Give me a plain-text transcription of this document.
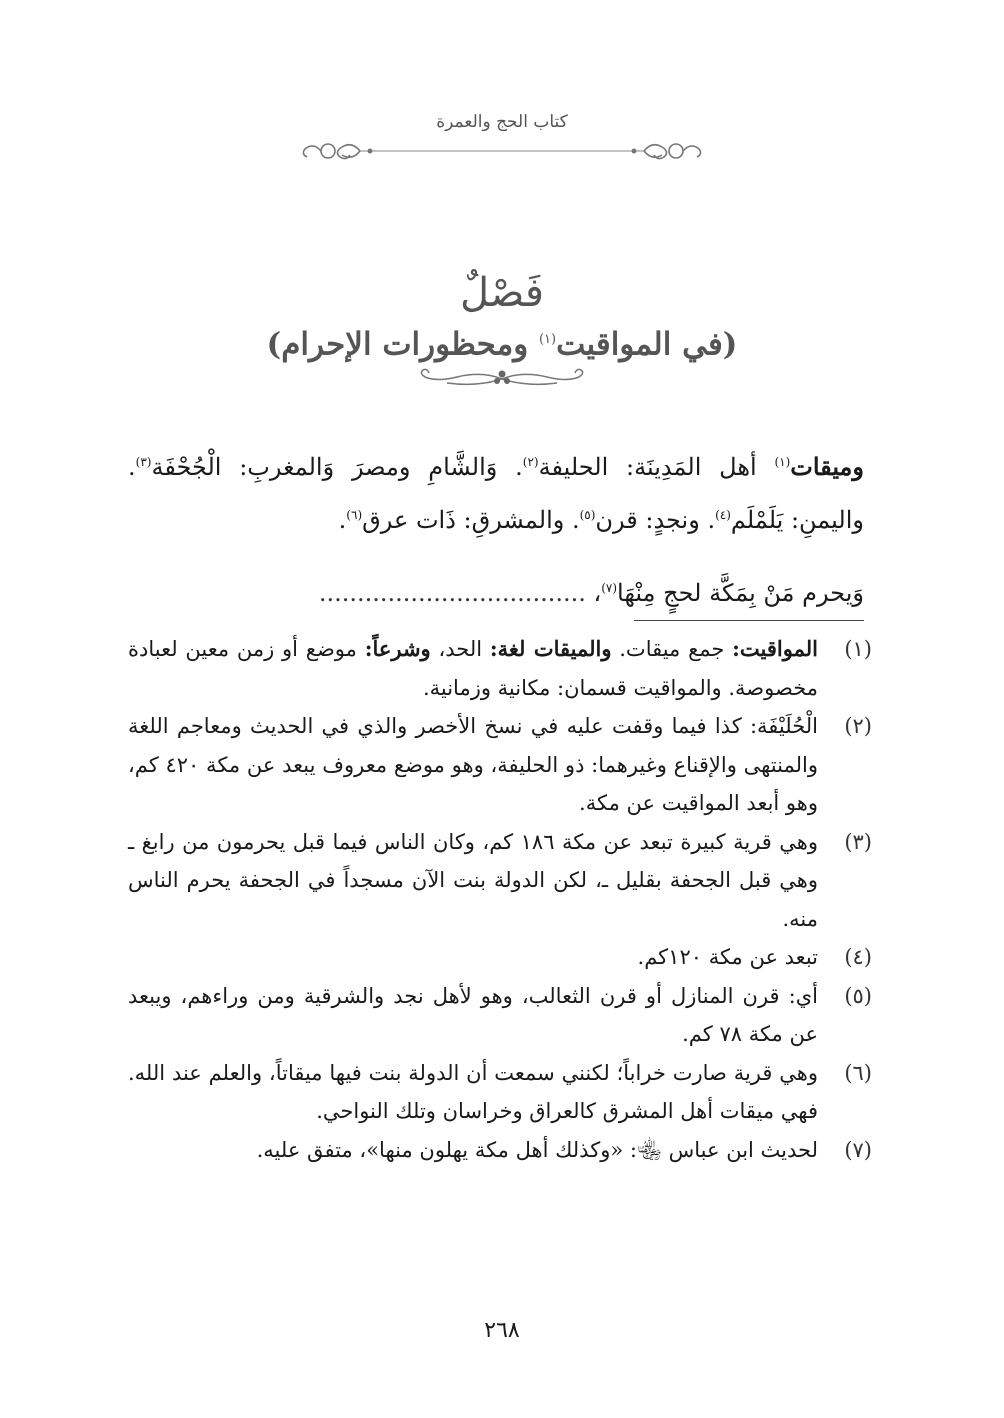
كتاب الحج والعمرة
فَصْلٌ
(في المواقيت$^{(١)}$ ومحظورات الإحرام)

وميقات$^{(١)}$ أهل المَدِينَة: الحليفة$^{(٢)}$. وَالشَّامِ ومصرَ وَالمغربِ: الْجُحْفَة$^{(٣)}$. واليمنِ: يَلَمْلَم$^{(٤)}$. ونجدٍ: قرن$^{(٥)}$. والمشرقِ: ذَات عرق$^{(٦)}$.

وَيحرم مَنْ بِمَكَّة لحجٍ مِنْهَا$^{(٧)}$، ...................................

(١)
المواقيت: جمع ميقات. والميقات لغة: الحد، وشرعاً: موضع أو زمن معين لعبادة مخصوصة. والمواقيت قسمان: مكانية وزمانية.

(٢)
الْحُلَيْفَة: كذا فيما وقفت عليه في نسخ الأخصر والذي في الحديث ومعاجم اللغة والمنتهى والإقناع وغيرهما: ذو الحليفة، وهو موضع معروف يبعد عن مكة ٤٢٠ كم، وهو أبعد المواقيت عن مكة.

(٣)
وهي قرية كبيرة تبعد عن مكة ١٨٦ كم، وكان الناس فيما قبل يحرمون من رابغ ـ وهي قبل الجحفة بقليل ـ، لكن الدولة بنت الآن مسجداً في الجحفة يحرم الناس منه.

(٤)
تبعد عن مكة ١٢٠كم.

(٥)
أي: قرن المنازل أو قرن الثعالب، وهو لأهل نجد والشرقية ومن وراءهم، ويبعد عن مكة ٧٨ كم.

(٦)
وهي قرية صارت خراباً؛ لكنني سمعت أن الدولة بنت فيها ميقاتاً، والعلم عند الله. فهي ميقات أهل المشرق كالعراق وخراسان وتلك النواحي.

(٧)
لحديث ابن عباس ﵄: «وكذلك أهل مكة يهلون منها»، متفق عليه.

٢٦٨
